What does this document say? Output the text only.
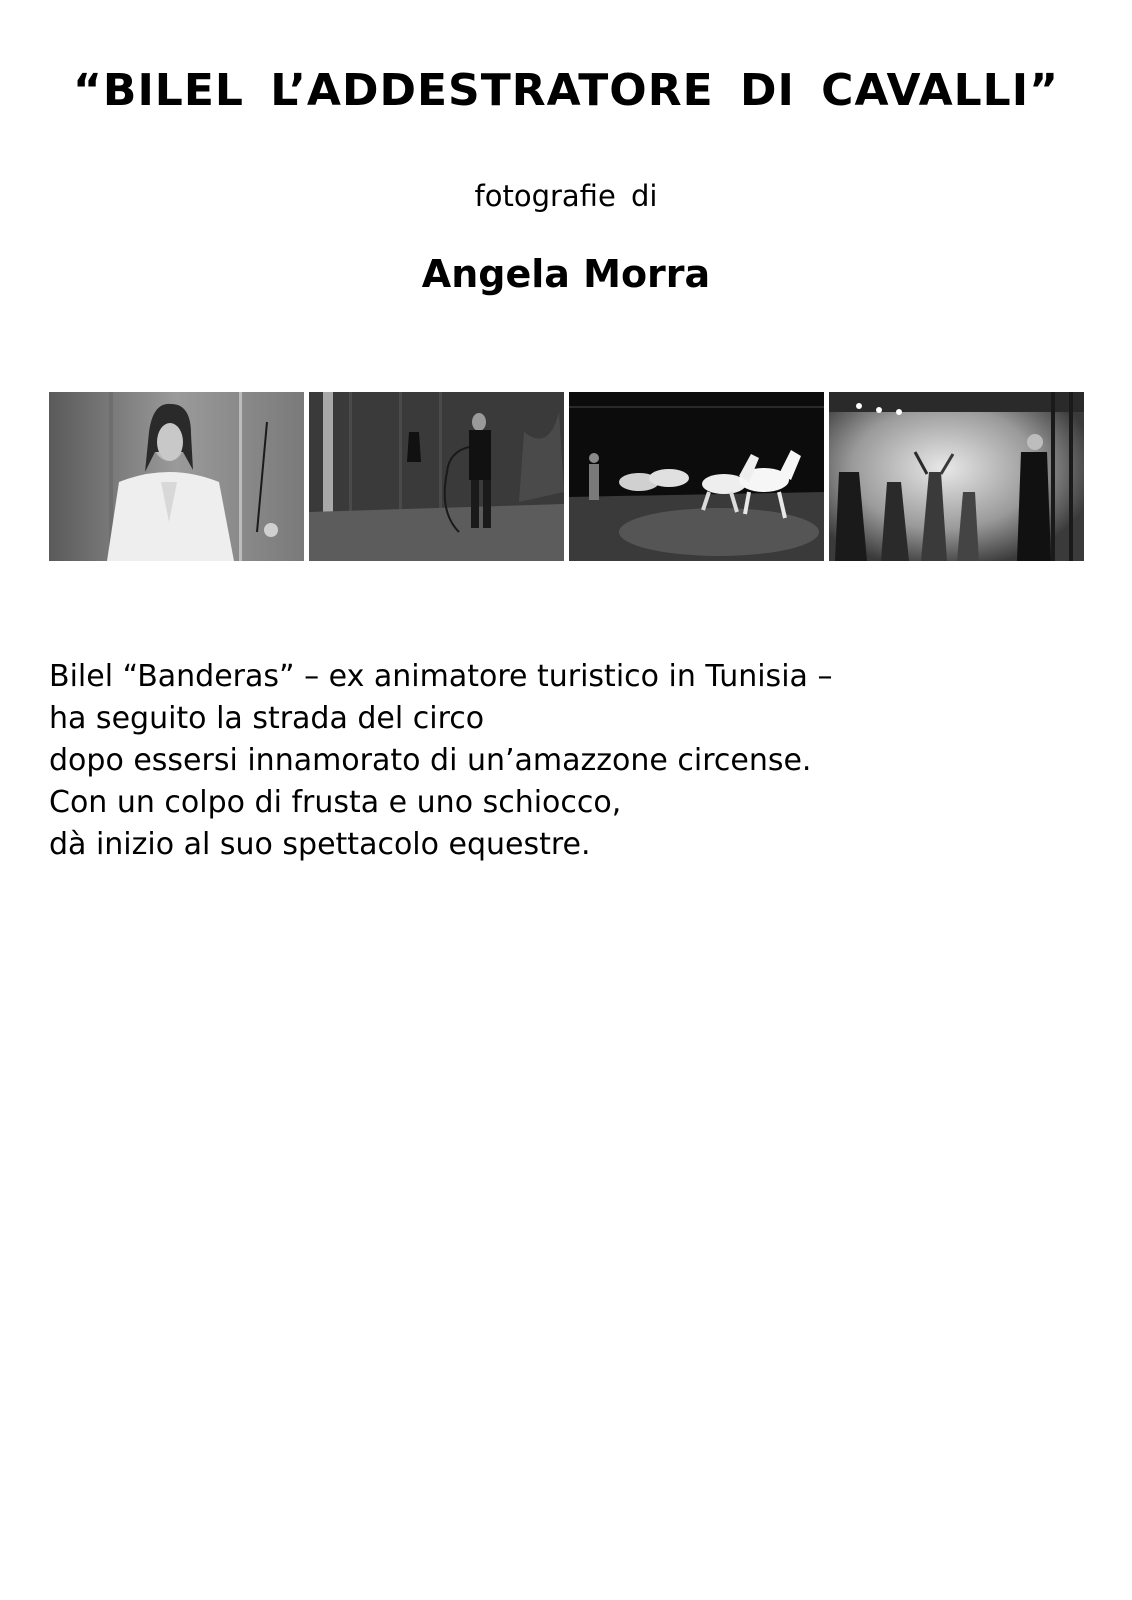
“BILEL L’ADDESTRATORE DI CAVALLI”
fotografie di
Angela Morra
Bilel “Banderas” – ex animatore turistico in Tunisia –
ha seguito la strada del circo
dopo essersi innamorato di un’amazzone circense.
Con un colpo di frusta e uno schiocco,
dà inizio al suo spettacolo equestre.
